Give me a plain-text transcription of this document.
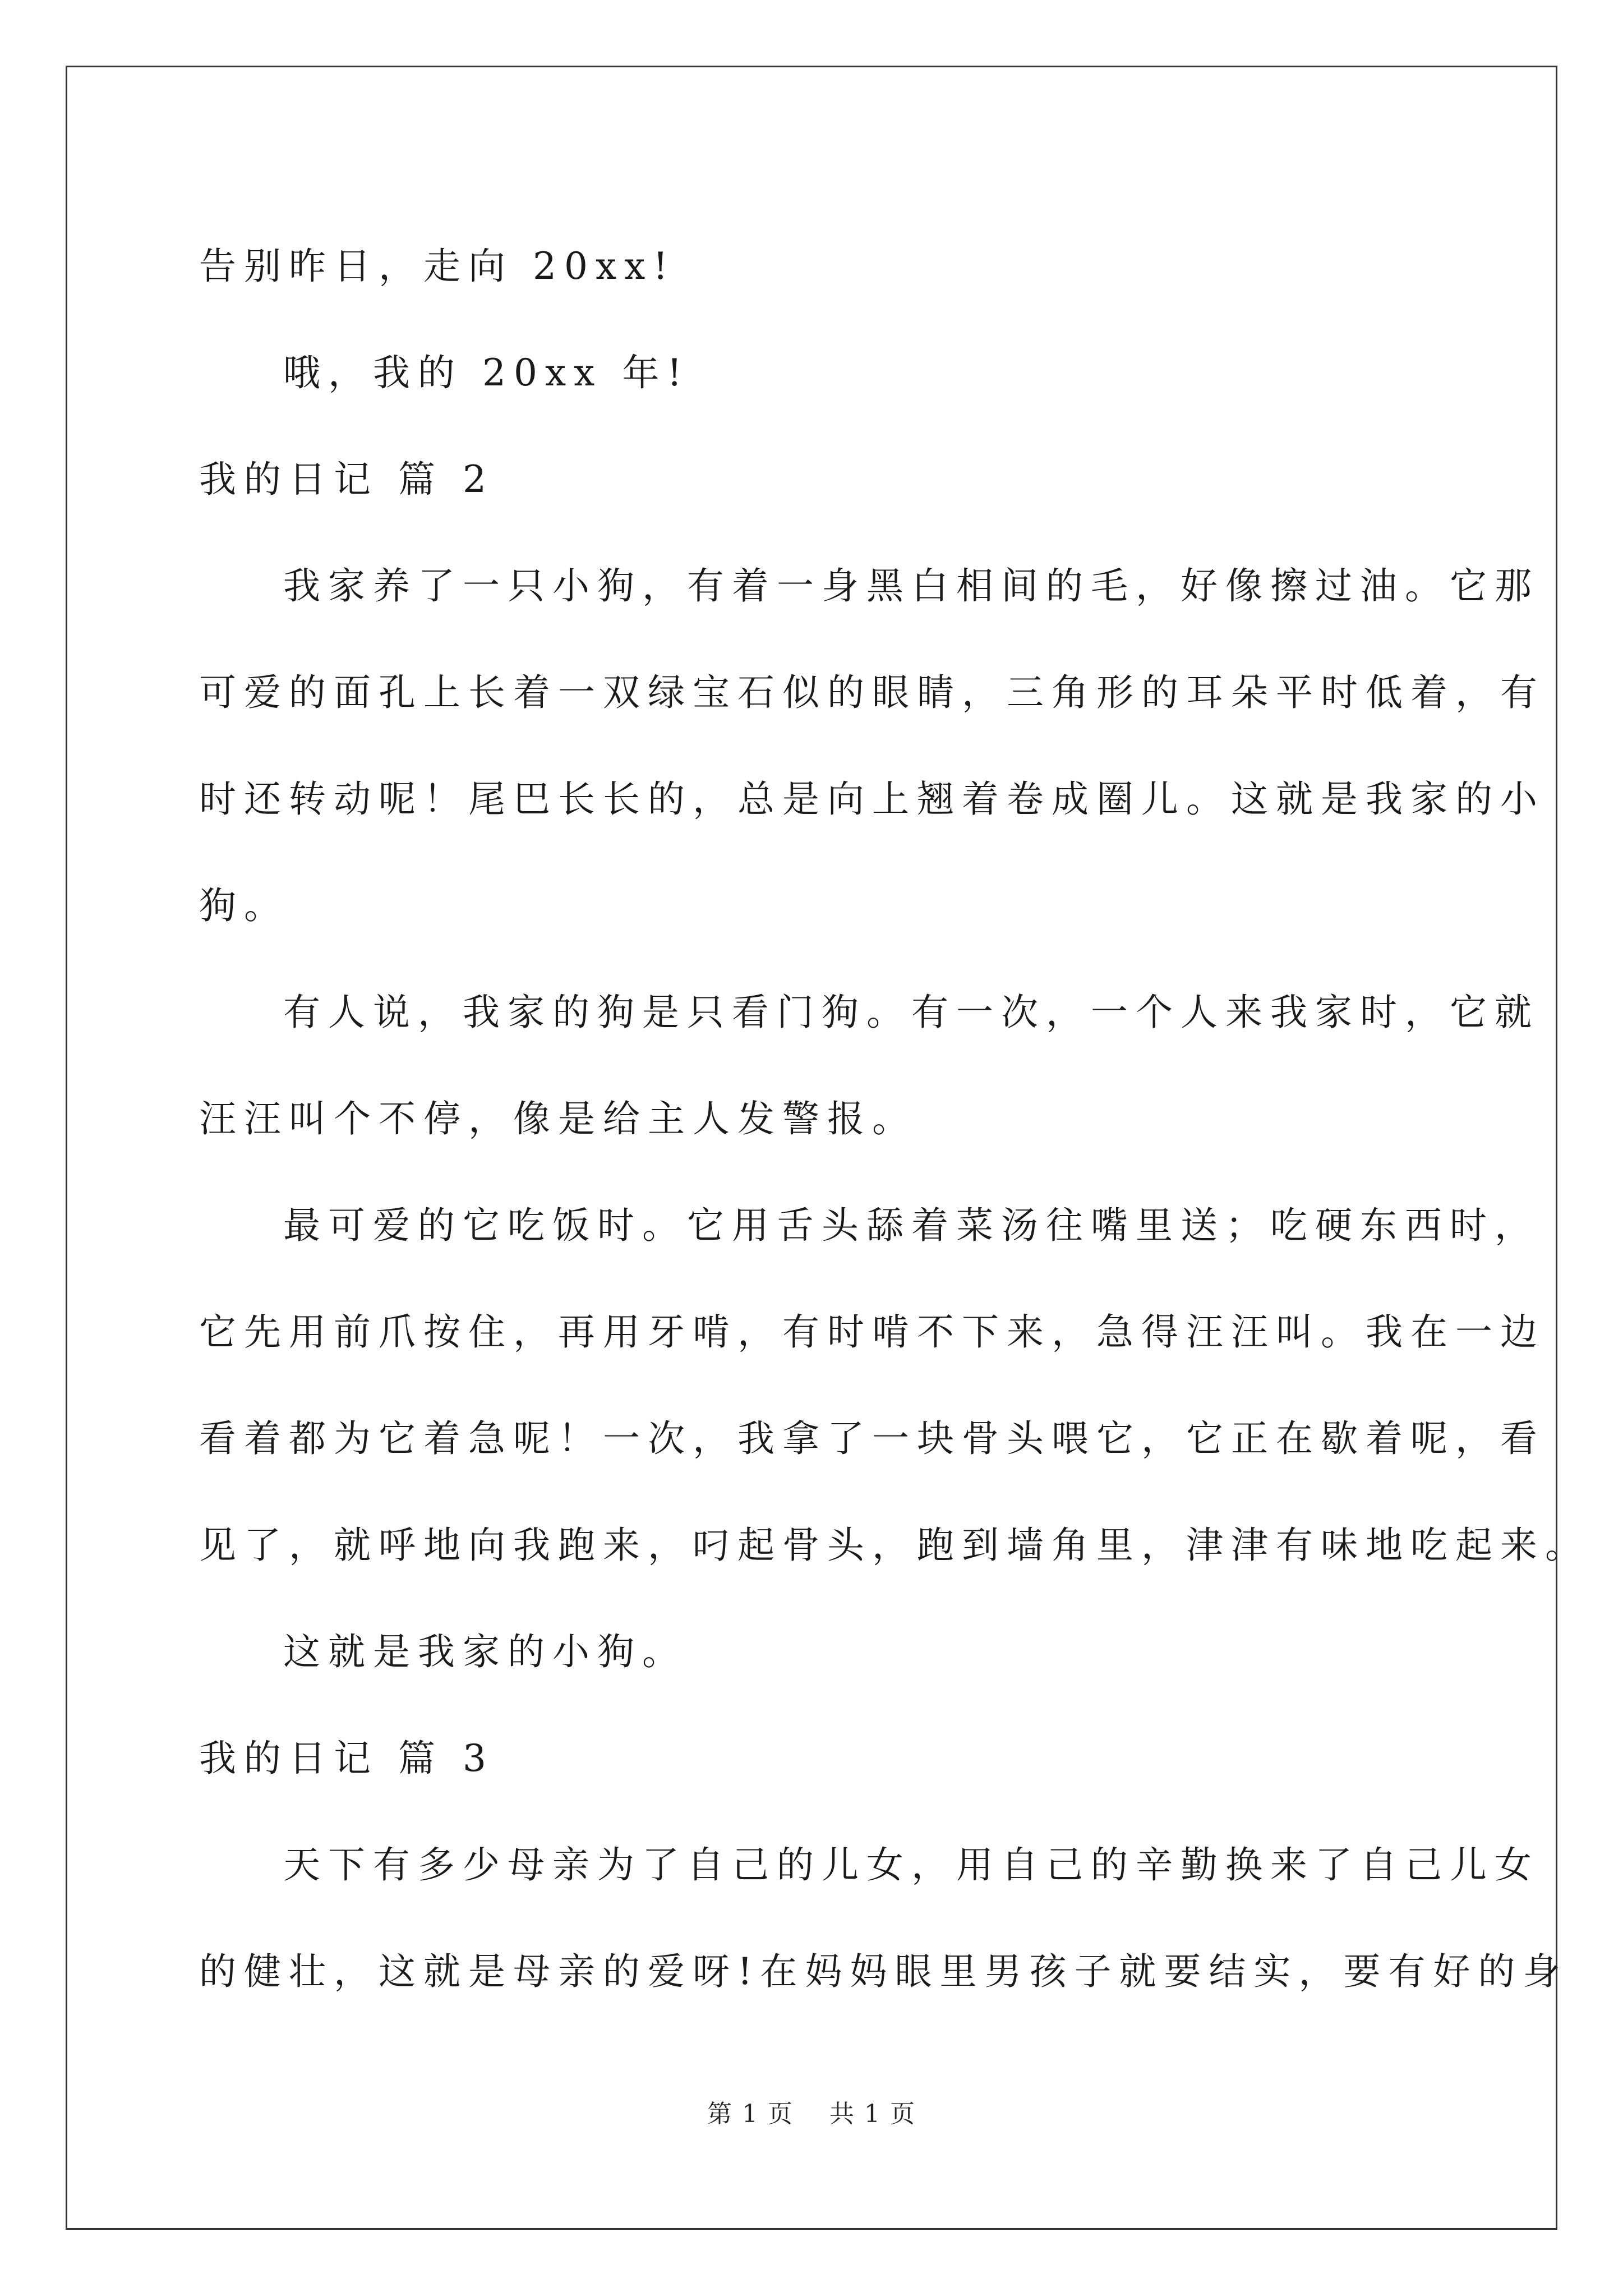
告别昨日，走向 20xx!

哦，我的 20xx 年!

我的日记 篇 2

我家养了一只小狗，有着一身黑白相间的毛，好像擦过油。它那

可爱的面孔上长着一双绿宝石似的眼睛，三角形的耳朵平时低着，有

时还转动呢！尾巴长长的，总是向上翘着卷成圈儿。这就是我家的小

狗。

有人说，我家的狗是只看门狗。有一次，一个人来我家时，它就

汪汪叫个不停，像是给主人发警报。

最可爱的它吃饭时。它用舌头舔着菜汤往嘴里送；吃硬东西时，

它先用前爪按住，再用牙啃，有时啃不下来，急得汪汪叫。我在一边

看着都为它着急呢！一次，我拿了一块骨头喂它，它正在歇着呢，看

见了，就呼地向我跑来，叼起骨头，跑到墙角里，津津有味地吃起来。

这就是我家的小狗。

我的日记 篇 3

天下有多少母亲为了自己的儿女，用自己的辛勤换来了自己儿女

的健壮，这就是母亲的爱呀!在妈妈眼里男孩子就要结实，要有好的身

第 1 页 共 1 页
